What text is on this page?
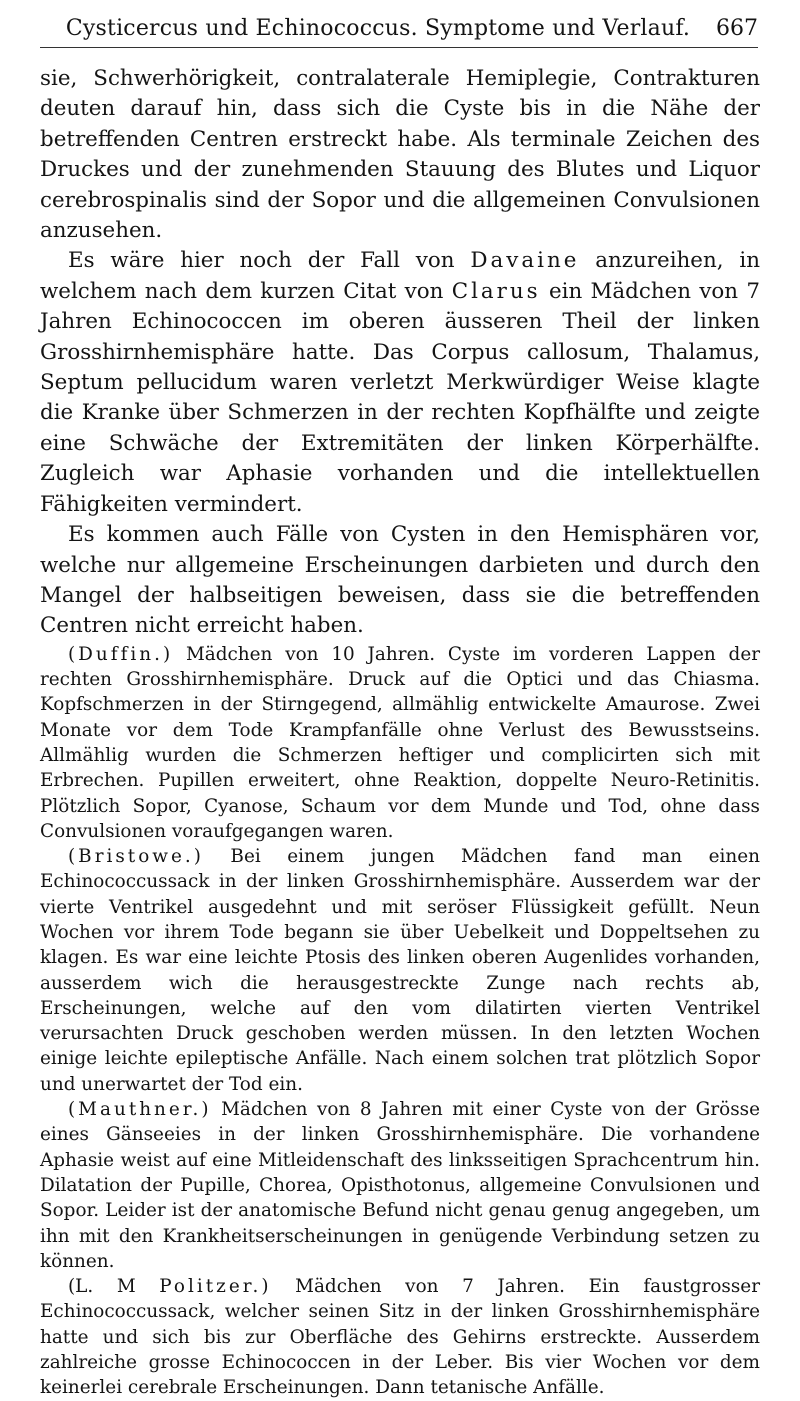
Cysticercus und Echinococcus. Symptome und Verlauf.	667

sie, Schwerhörigkeit, contralaterale Hemiplegie, Contrakturen deuten darauf hin, dass sich die Cyste bis in die Nähe der betreffenden Centren erstreckt habe. Als terminale Zeichen des Druckes und der zunehmenden Stauung des Blutes und Liquor cerebrospinalis sind der Sopor und die allgemeinen Convulsionen anzusehen.

Es wäre hier noch der Fall von Davaine anzureihen, in welchem nach dem kurzen Citat von Clarus ein Mädchen von 7 Jahren Echinococcen im oberen äusseren Theil der linken Grosshirnhemisphäre hatte. Das Corpus callosum, Thalamus, Septum pellucidum waren verletzt Merkwürdiger Weise klagte die Kranke über Schmerzen in der rechten Kopfhälfte und zeigte eine Schwäche der Extremitäten der linken Körperhälfte. Zugleich war Aphasie vorhanden und die intellektuellen Fähigkeiten vermindert.

Es kommen auch Fälle von Cysten in den Hemisphären vor, welche nur allgemeine Erscheinungen darbieten und durch den Mangel der halbseitigen beweisen, dass sie die betreffenden Centren nicht erreicht haben.

(Duffin.) Mädchen von 10 Jahren. Cyste im vorderen Lappen der rechten Grosshirnhemisphäre. Druck auf die Optici und das Chiasma. Kopfschmerzen in der Stirngegend, allmählig entwickelte Amaurose. Zwei Monate vor dem Tode Krampfanfälle ohne Verlust des Bewusstseins. Allmählig wurden die Schmerzen heftiger und complicirten sich mit Erbrechen. Pupillen erweitert, ohne Reaktion, doppelte Neuro-Retinitis. Plötzlich Sopor, Cyanose, Schaum vor dem Munde und Tod, ohne dass Convulsionen voraufgegangen waren.

(Bristowe.) Bei einem jungen Mädchen fand man einen Echinococcussack in der linken Grosshirnhemisphäre. Ausserdem war der vierte Ventrikel ausgedehnt und mit seröser Flüssigkeit gefüllt. Neun Wochen vor ihrem Tode begann sie über Uebelkeit und Doppeltsehen zu klagen. Es war eine leichte Ptosis des linken oberen Augenlides vorhanden, ausserdem wich die herausgestreckte Zunge nach rechts ab, Erscheinungen, welche auf den vom dilatirten vierten Ventrikel verursachten Druck geschoben werden müssen. In den letzten Wochen einige leichte epileptische Anfälle. Nach einem solchen trat plötzlich Sopor und unerwartet der Tod ein.

(Mauthner.) Mädchen von 8 Jahren mit einer Cyste von der Grösse eines Gänseeies in der linken Grosshirnhemisphäre. Die vorhandene Aphasie weist auf eine Mitleidenschaft des linksseitigen Sprachcentrum hin. Dilatation der Pupille, Chorea, Opisthotonus, allgemeine Convulsionen und Sopor. Leider ist der anatomische Befund nicht genau genug angegeben, um ihn mit den Krankheitserscheinungen in genügende Verbindung setzen zu können.

(L. M Politzer.) Mädchen von 7 Jahren. Ein faustgrosser Echinococcussack, welcher seinen Sitz in der linken Grosshirnhemisphäre hatte und sich bis zur Oberfläche des Gehirns erstreckte. Ausserdem zahlreiche grosse Echinococcen in der Leber. Bis vier Wochen vor dem keinerlei cerebrale Erscheinungen. Dann tetanische Anfälle.
